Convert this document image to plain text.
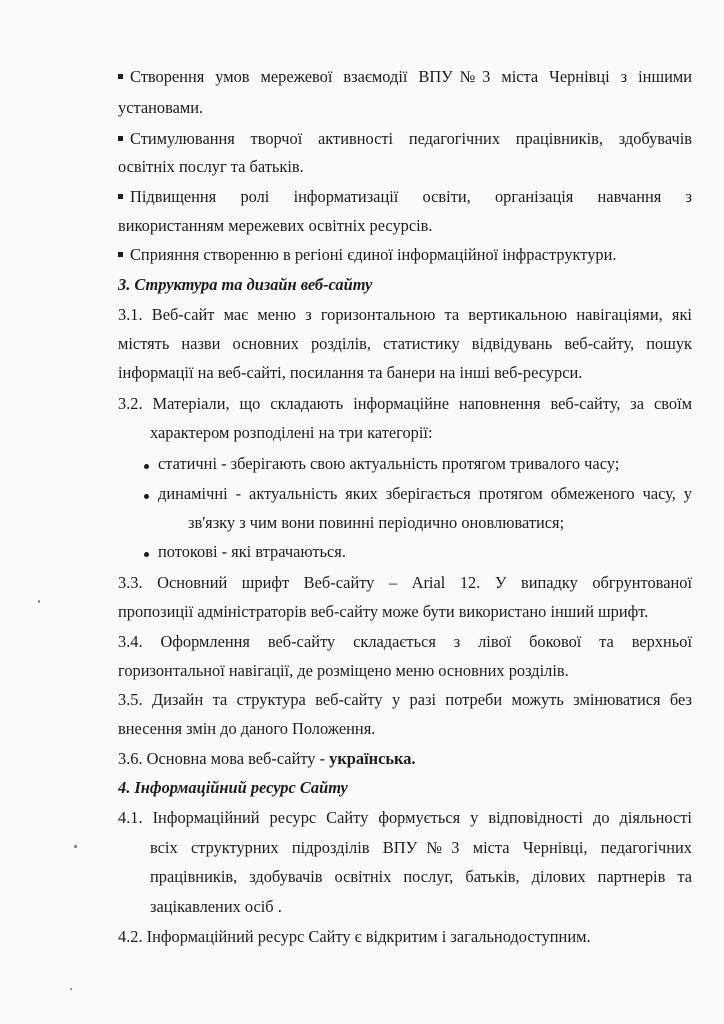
Створення умов мережевої взаємодії ВПУ№3 міста Чернівці з іншими
установами.
Стимулювання творчої активності педагогічних працівників, здобувачів
освітніх послуг та батьків.
Підвищення ролі інформатизації освіти, організація навчання з
використанням мережевих освітніх ресурсів.
Сприяння створенню в регіоні єдиної інформаційної інфраструктури.
3. Структура та дизайн веб-сайту
3.1. Веб-сайт має меню з горизонтальною та вертикальною навігаціями, які
містять назви основних розділів, статистику відвідувань веб-сайту, пошук
інформації на веб-сайті, посилання та банери на інші веб-ресурси.
3.2. Матеріали, що складають інформаційне наповнення веб-сайту, за своїм
характером розподілені на три категорії:
статичні - зберігають свою актуальність протягом тривалого часу;
динамічні - актуальність яких зберігається протягом обмеженого часу, у
зв'язку з чим вони повинні періодично оновлюватися;
потокові - які втрачаються.
3.3. Основний шрифт Веб-сайту – Arial 12. У випадку обгрунтованої
пропозиції адміністраторів веб-сайту може бути використано інший шрифт.
3.4. Оформлення веб-сайту складається з лівої бокової та верхньої
горизонтальної навігації, де розміщено меню основних розділів.
3.5. Дизайн та структура веб-сайту у разі потреби можуть змінюватися без
внесення змін до даного Положення.
3.6. Основна мова веб-сайту - українська.
4. Інформаційний ресурс Сайту
4.1. Інформаційний ресурс Сайту формується у відповідності до діяльності
всіх структурних підрозділів ВПУ№3 міста Чернівці, педагогічних
працівників, здобувачів освітніх послуг, батьків, ділових партнерів та
зацікавлених осіб .
4.2. Інформаційний ресурс Сайту є відкритим і загальнодоступним.
